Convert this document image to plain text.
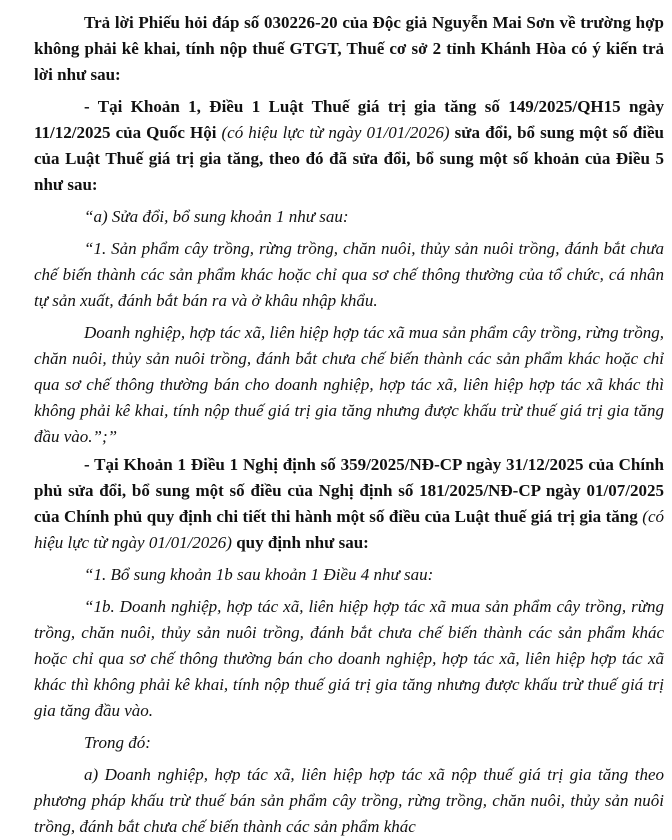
Trả lời Phiếu hỏi đáp số 030226-20 của Độc giả Nguyễn Mai Sơn về trường hợp không phải kê khai, tính nộp thuế GTGT, Thuế cơ sở 2 tỉnh Khánh Hòa có ý kiến trả lời như sau:

- Tại Khoản 1, Điều 1 Luật Thuế giá trị gia tăng số 149/2025/QH15 ngày 11/12/2025 của Quốc Hội (có hiệu lực từ ngày 01/01/2026) sửa đổi, bổ sung một số điều của Luật Thuế giá trị gia tăng, theo đó đã sửa đổi, bổ sung một số khoản của Điều 5 như sau:

“a) Sửa đổi, bổ sung khoản 1 như sau:

“1. Sản phẩm cây trồng, rừng trồng, chăn nuôi, thủy sản nuôi trồng, đánh bắt chưa chế biến thành các sản phẩm khác hoặc chỉ qua sơ chế thông thường của tổ chức, cá nhân tự sản xuất, đánh bắt bán ra và ở khâu nhập khẩu.

Doanh nghiệp, hợp tác xã, liên hiệp hợp tác xã mua sản phẩm cây trồng, rừng trồng, chăn nuôi, thủy sản nuôi trồng, đánh bắt chưa chế biến thành các sản phẩm khác hoặc chỉ qua sơ chế thông thường bán cho doanh nghiệp, hợp tác xã, liên hiệp hợp tác xã khác thì không phải kê khai, tính nộp thuế giá trị gia tăng nhưng được khấu trừ thuế giá trị gia tăng đầu vào.”;”

- Tại Khoản 1 Điều 1 Nghị định số 359/2025/NĐ-CP ngày 31/12/2025 của Chính phủ sửa đổi, bổ sung một số điều của Nghị định số 181/2025/NĐ-CP ngày 01/07/2025 của Chính phủ quy định chi tiết thi hành một số điều của Luật thuế giá trị gia tăng (có hiệu lực từ ngày 01/01/2026) quy định như sau:

“1. Bổ sung khoản 1b sau khoản 1 Điều 4 như sau:

“1b. Doanh nghiệp, hợp tác xã, liên hiệp hợp tác xã mua sản phẩm cây trồng, rừng trồng, chăn nuôi, thủy sản nuôi trồng, đánh bắt chưa chế biến thành các sản phẩm khác hoặc chỉ qua sơ chế thông thường bán cho doanh nghiệp, hợp tác xã, liên hiệp hợp tác xã khác thì không phải kê khai, tính nộp thuế giá trị gia tăng nhưng được khấu trừ thuế giá trị gia tăng đầu vào.

Trong đó:

a) Doanh nghiệp, hợp tác xã, liên hiệp hợp tác xã nộp thuế giá trị gia tăng theo phương pháp khấu trừ thuế bán sản phẩm cây trồng, rừng trồng, chăn nuôi, thủy sản nuôi trồng, đánh bắt chưa chế biến thành các sản phẩm khác
